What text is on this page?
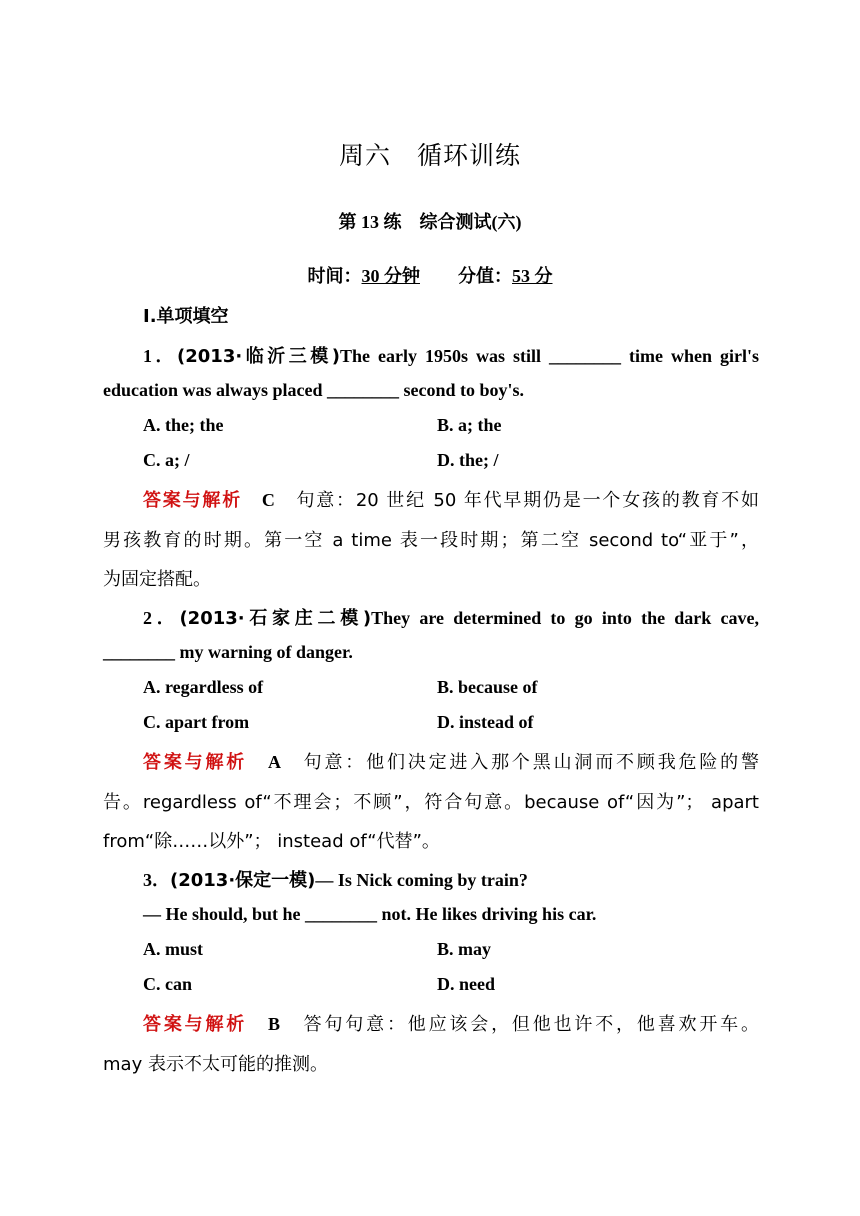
周六　循环训练
第 13 练　综合测试(六)
时间：30 分钟 分值：53 分
Ⅰ.单项填空
1．(2013·临沂三模)The early 1950s was still ________ time when girl's
education was always placed ________ second to boy's.
A. the; the	B. a; the
C. a; /	D. the; /
答案与解析　 C　 句意：20 世纪 50 年代早期仍是一个女孩的教育不如
男孩教育的时期。第一空 a time 表一段时期；第二空 second to“亚于”，
为固定搭配。
2．(2013·石家庄二模)They are determined to go into the dark cave,
________ my warning of danger.
A. regardless of	B. because of
C. apart from	D. instead of
答案与解析　 A　 句意：他们决定进入那个黑山洞而不顾我危险的警
告。regardless of“不理会；不顾”，符合句意。because of“因为”； apart
from“除……以外”； instead of“代替”。
3．(2013·保定一模)— Is Nick coming by train?
— He should, but he ________ not. He likes driving his car.
A. must	B. may
C. can	D. need
答案与解析　 B　 答句句意：他应该会，但他也许不，他喜欢开车。
may 表示不太可能的推测。
